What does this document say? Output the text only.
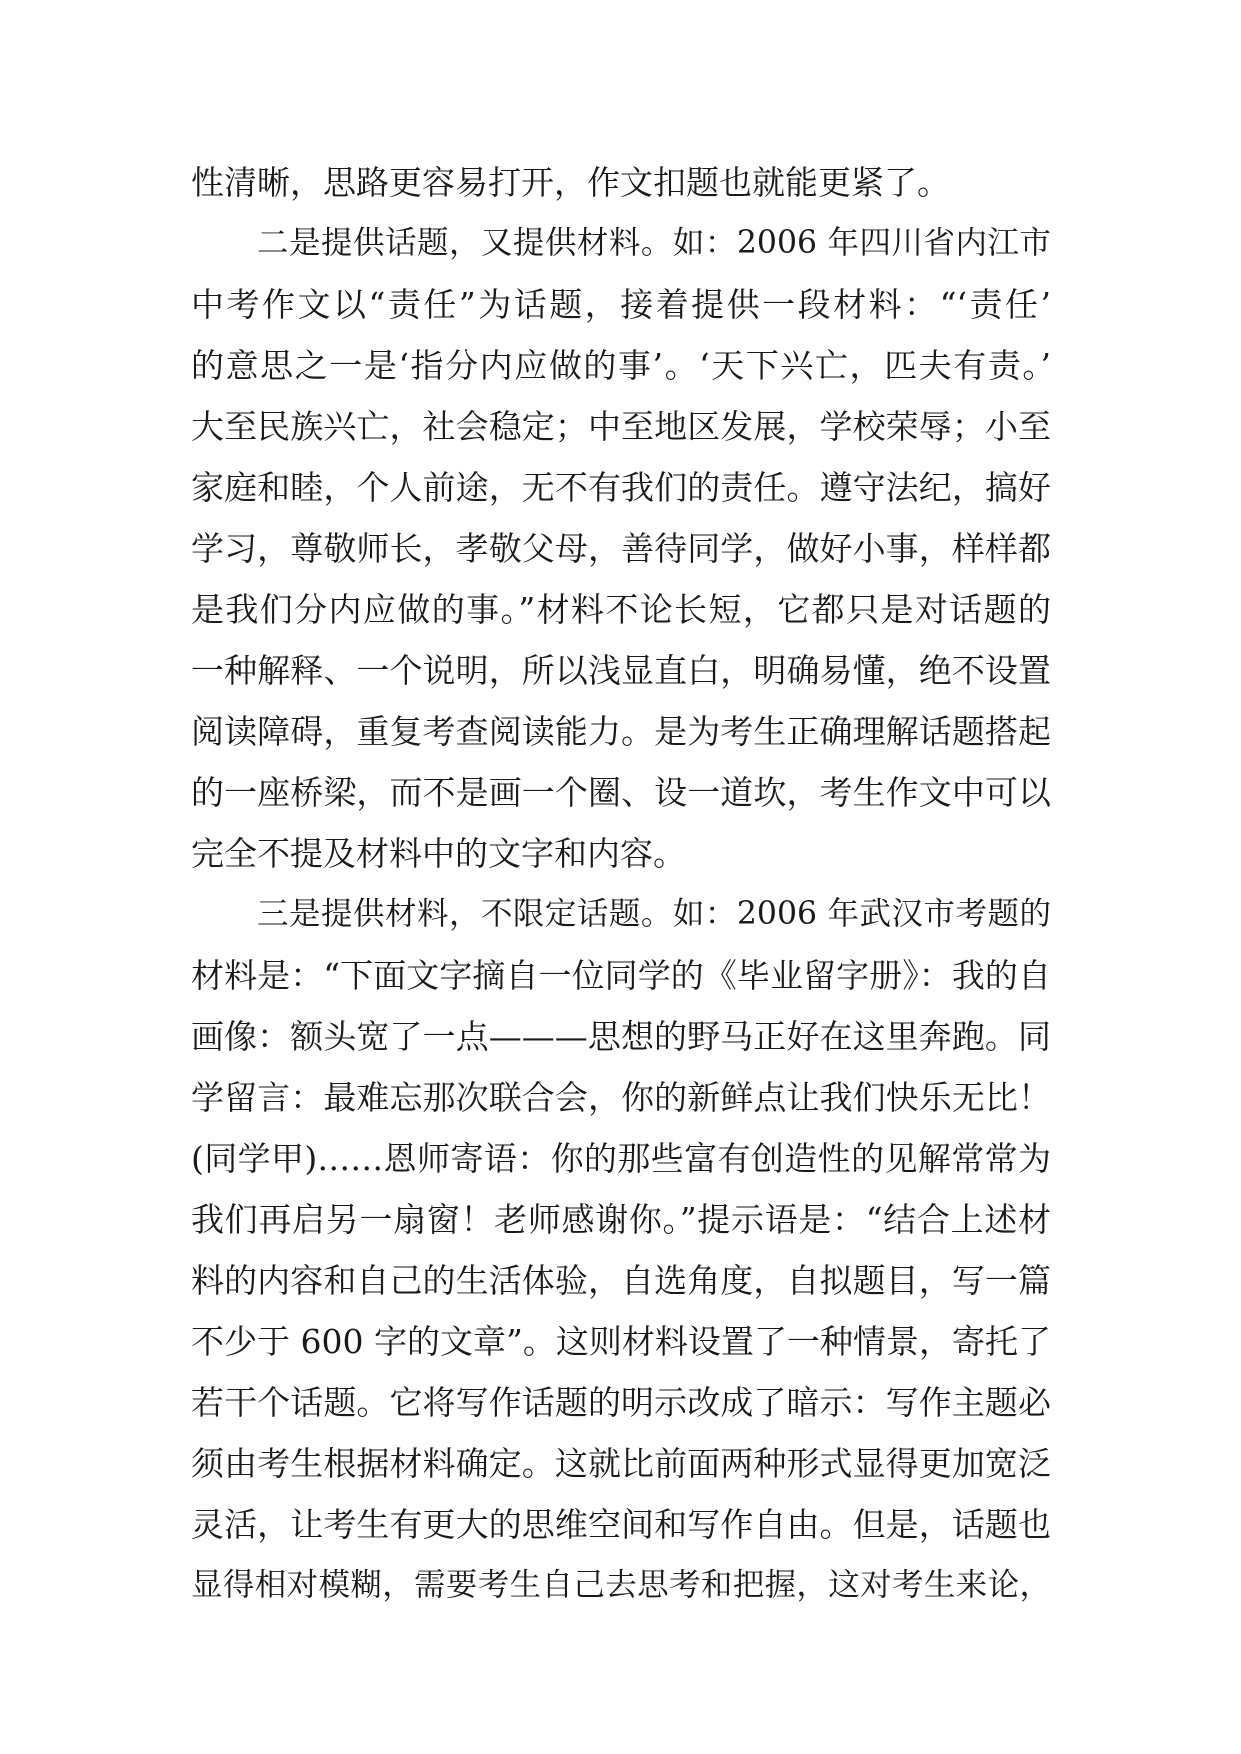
性清晰，思路更容易打开，作文扣题也就能更紧了。
二是提供话题，又提供材料。如：2006 年四川省内江市
中考作文以“责任”为话题，接着提供一段材料：“‘责任’
的意思之一是‘指分内应做的事’。‘天下兴亡，匹夫有责。’
大至民族兴亡，社会稳定；中至地区发展，学校荣辱；小至
家庭和睦，个人前途，无不有我们的责任。遵守法纪，搞好
学习，尊敬师长，孝敬父母，善待同学，做好小事，样样都
是我们分内应做的事。”材料不论长短，它都只是对话题的
一种解释、一个说明，所以浅显直白，明确易懂，绝不设置
阅读障碍，重复考查阅读能力。是为考生正确理解话题搭起
的一座桥梁，而不是画一个圈、设一道坎，考生作文中可以
完全不提及材料中的文字和内容。
三是提供材料，不限定话题。如：2006 年武汉市考题的
材料是：“下面文字摘自一位同学的《毕业留字册》：我的自
画像：额头宽了一点———思想的野马正好在这里奔跑。同
学留言：最难忘那次联合会，你的新鲜点让我们快乐无比！
(同学甲)……恩师寄语：你的那些富有创造性的见解常常为
我们再启另一扇窗！老师感谢你。”提示语是：“结合上述材
料的内容和自己的生活体验，自选角度，自拟题目，写一篇
不少于 600 字的文章”。这则材料设置了一种情景，寄托了
若干个话题。它将写作话题的明示改成了暗示：写作主题必
须由考生根据材料确定。这就比前面两种形式显得更加宽泛
灵活，让考生有更大的思维空间和写作自由。但是，话题也
显得相对模糊，需要考生自己去思考和把握，这对考生来论，
